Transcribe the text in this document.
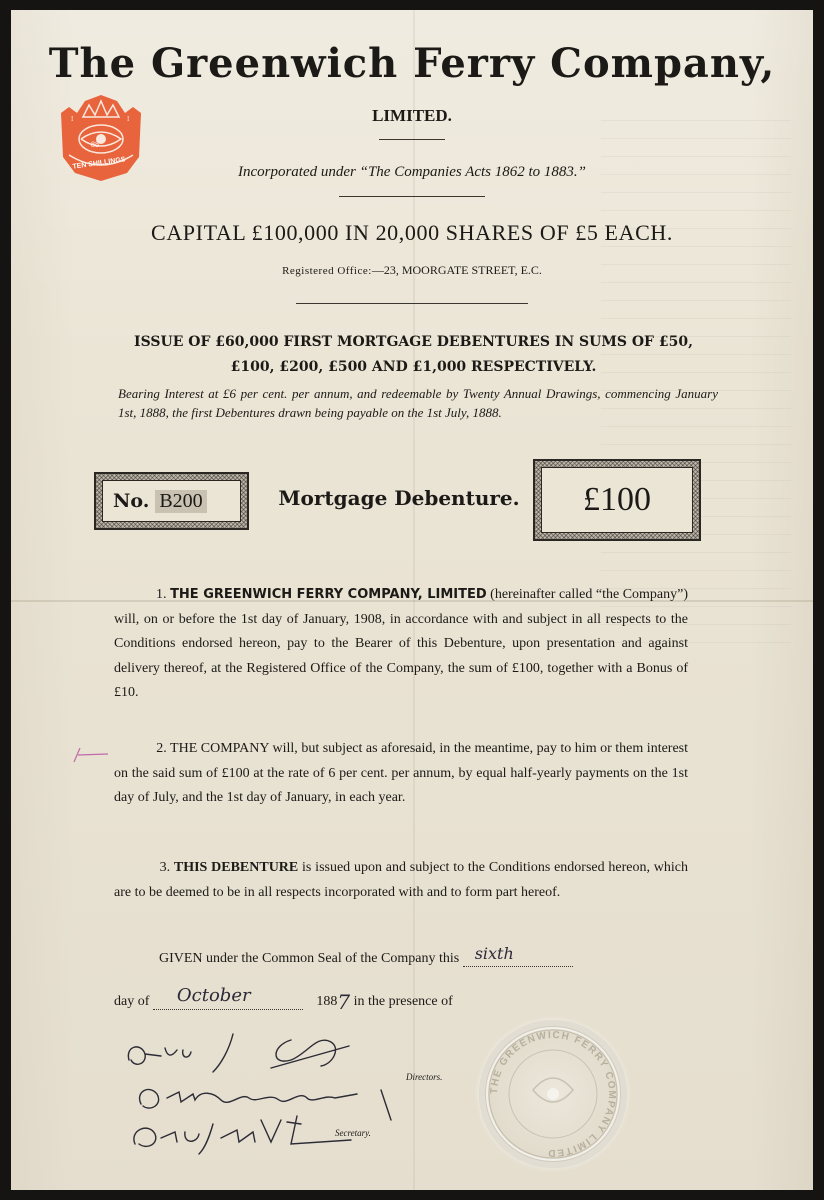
I	I
88
TEN SHILLINGS
The Greenwich Ferry Company,
LIMITED.
Incorporated under “The Companies Acts 1862 to 1883.”
CAPITAL £100,000 IN 20,000 SHARES OF £5 EACH.
Registered Office:—23, MOORGATE STREET, E.C.
ISSUE OF £60,000 FIRST MORTGAGE DEBENTURES IN SUMS OF £50,
£100, £200, £500 AND £1,000 RESPECTIVELY.
Bearing Interest at £6 per cent. per annum, and redeemable by Twenty Annual Drawings, commencing January 1st, 1888, the first Debentures drawn being payable on the 1st July, 1888.
No. B200	Mortgage Debenture. £100
1. THE GREENWICH FERRY COMPANY, LIMITED (hereinafter called “the Company”) will, on or before the 1st day of January, 1908, in accordance with and subject in all respects to the Conditions endorsed hereon, pay to the Bearer of this Debenture, upon presentation and against delivery thereof, at the Registered Office of the Company, the sum of £100, together with a Bonus of £10.
2. THE COMPANY will, but subject as aforesaid, in the meantime, pay to him or them interest on the said sum of £100 at the rate of 6 per cent. per annum, by equal half-yearly payments on the 1st day of July, and the 1st day of January, in each year.
3. THIS DEBENTURE is issued upon and subject to the Conditions endorsed hereon, which are to be deemed to be in all respects incorporated with and to form part hereof.
GIVEN under the Common Seal of the Company this sixth
day of October	1887 in the presence of
THE GREENWICH FERRY COMPANY LIMITED
Directors.
Secretary.
